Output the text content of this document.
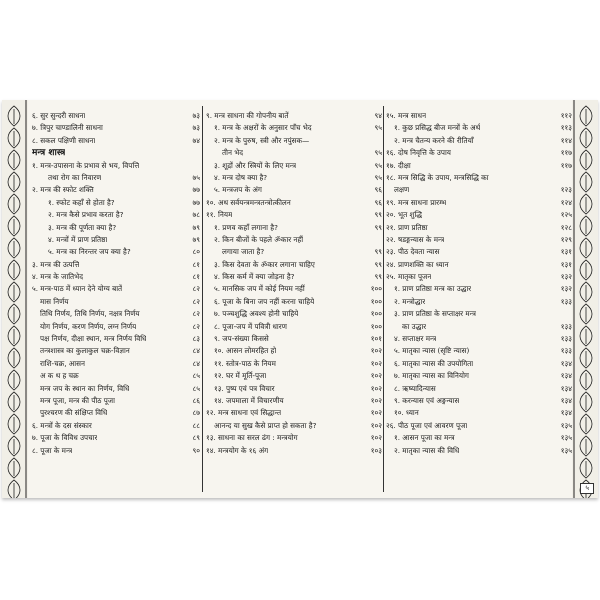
६. सुर सुन्दरी साधना	७३
७. त्रिपुर चाण्डालिनी साधना	७३
८. सकल पक्षिणी साधना	७४
मन्त्र शास्त्र
१. मन्त्र-उपासना के प्रभाव से भय, विपत्ति
तथा रोग का निवारण	७५
२. मन्त्र की स्फोट शक्ति	७७
१. स्फोट कहाँ से होता है?	७७
२. मन्त्र कैसे प्रभाव करता है?	७८
३. मन्त्र की पूर्णता क्या है?	७९
४. मन्त्रों में प्राण प्रतिष्ठा	७९
५. मन्त्र का निरन्तर जप क्या है?	८०
३. मन्त्र की उत्पत्ति	८१
४. मन्त्र के जातिभेद	८१
५. मन्त्र-पाठ में ध्यान देने योग्य बातें	८२
मास निर्णय	८२
तिथि निर्णय, तिथि निर्णय, नक्षत्र निर्णय	८२
योग निर्णय, करण निर्णय, लग्न निर्णय	८२
पक्ष निर्णय, दीक्षा स्थान, मन्त्र निर्णय विधि	८३
तन्त्रशास्त्र का कुलाकुल चक्र-विज्ञान	८४
राशि-चक्र, आसन	८४
अ क थ ह चक्र	८५
मन्त्र जप के स्थान का निर्णय, विधि	८५
मन्त्र पूजा, मन्त्र की पीठ पूजा	८६
पुरश्चरण की संक्षिप्त विधि	८७
६. मन्त्रों के दस संस्कार	८८
७. पूजा के विविध उपचार	८९
८. पूजा के मन्त्र	९०
९. मन्त्र साधना की गोपनीय बातें	९४
१. मन्त्र के अक्षरों के अनुसार पाँच भेद	९५
२. मन्त्र के पुरुष, स्त्री और नपुंसक—
तीन भेद	९५
३. शूद्रों और स्त्रियों के लिए मन्त्र	९५
४. मन्त्र दोष क्या है?	९५
५. मन्त्रजप के अंग	९६
१०. अथ सर्वयन्त्रमन्त्रतन्त्रोत्कीलन	९६
११. नियम	९९
१. प्रणव कहाँ लगाना है?	९९
२. किन बीजों के पहले ॐकार नहीं
लगाया जाता है?	९९
३. किस देवता के ॐकार लगाना चाहिए	९९
४. किस कर्म में क्या जोड़ना है?	९९
५. मानसिक जप में कोई नियम नहीं	१००
६. पूजा के बिना जप नहीं करना चाहिये	१००
७. पञ्चशुद्धि अवश्य होनी चाहिये	१००
८. पूजा-जप में पवित्री धारण	१००
९. जप-संख्या किससे	१०१
१०. आसन लोमरहित हो	१०२
११. स्तोत्र-पाठ के नियम	१०२
१२. घर में मूर्ति-पूजा	१०२
१३. पुष्प एवं पत्र विचार	१०२
१४. जपमाला में विचारणीय	१०२
१२. मन्त्र साधना एवं सिद्धान्त	१०२
आनन्द या सुख कैसे प्राप्त हो सकता है?	१०२
१३. साधना का सरल ढंग : मन्त्रयोग	१०२
१४. मन्त्रयोग के १६ अंग	१०३
१५. मन्त्र साधन	११२
१. कुछ प्रसिद्ध बीज मन्त्रों के अर्थ	११३
२. मन्त्र चैतन्य करने की रीतियाँ	११४
१६. दोष निवृत्ति के उपाय	११७
१७. दीक्षा	११७
१८. मन्त्र सिद्धि के उपाय, मन्त्रसिद्धि का
लक्षण	१२३
१९. मन्त्र साधना प्रारम्भ	१२४
२०. भूत शुद्धि	१२५
२१. प्राण प्रतिष्ठा	१२८
२२. षडङ्गन्यास के मन्त्र	१२९
२३. पीठ देवता न्यास	१३१
२४. प्राणशक्ति का ध्यान	१३१
२५. मातृका पूजन	१३२
१. प्राण प्रतिष्ठा मन्त्र का उद्धार	१३२
२. मन्त्रोद्धार	१३३
३. प्राण प्रतिष्ठा के सप्ताक्षर मन्त्र
का उद्धार	१३३
४. सप्ताक्षर मन्त्र	१३३
५. मातृका न्यास (सृष्टि न्यास)	१३३
६. मातृका न्यास की उपयोगिता	१३४
७. मातृका न्यास का विनियोग	१३४
८. ऋष्यादिन्यास	१३४
९. करन्यास एवं अङ्गन्यास	१३४
१०. ध्यान	१३४
२६. पीठ पूजा एवं आवरण पूजा	१३५
१. आसन पूजा का मन्त्र	१३५
२. मातृका न्यास की विधि	१३५
५
